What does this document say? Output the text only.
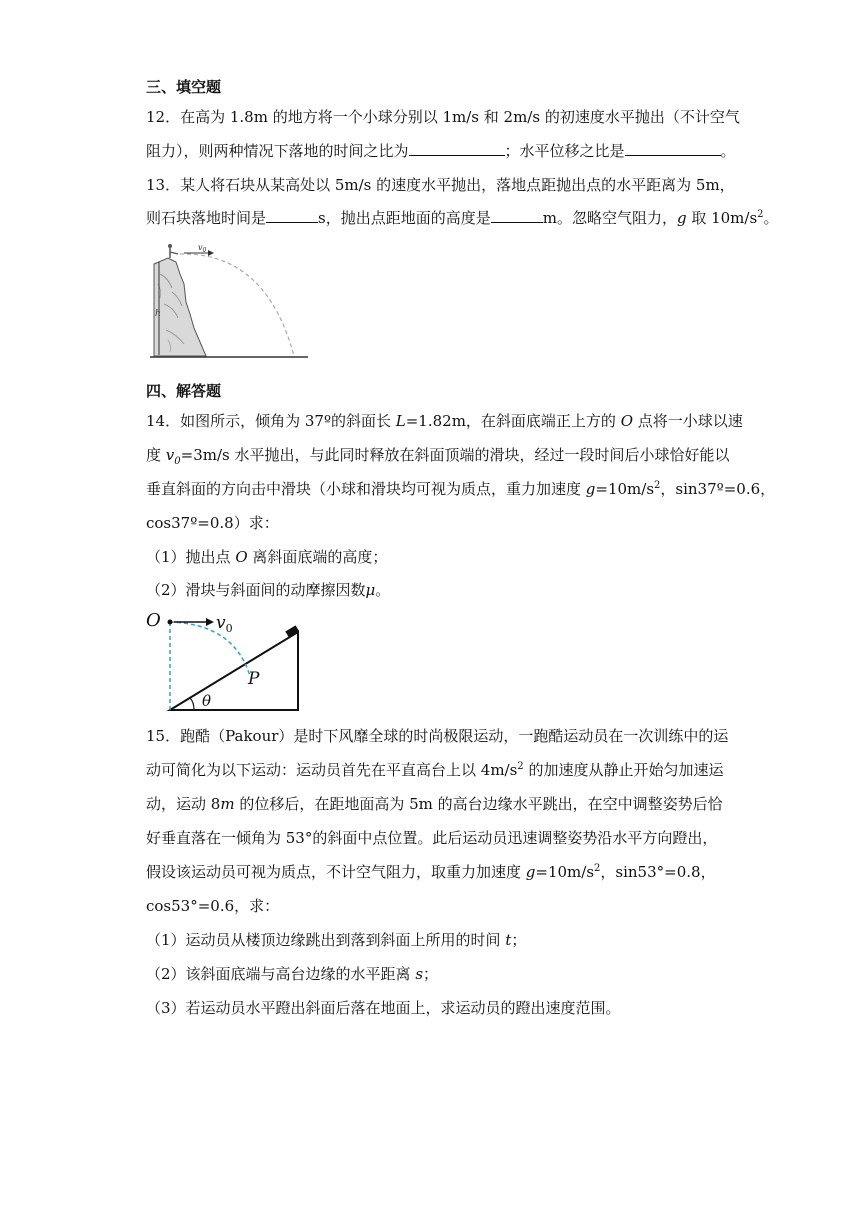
三、填空题
12．在高为 1.8m 的地方将一个小球分别以 1m/s 和 2m/s 的初速度水平抛出（不计空气
阻力），则两种情况下落地的时间之比为	；水平位移之比是	。
13．某人将石块从某高处以 5m/s 的速度水平抛出，落地点距抛出点的水平距离为 5m，
则石块落地时间是	s，抛出点距地面的高度是	m。忽略空气阻力，g 取 $10m/s^2$。
h
$v_0$
四、解答题
14．如图所示，倾角为 37º的斜面长 L=1.82m，在斜面底端正上方的 O 点将一小球以速
度 $v_0=3m/s$ 水平抛出，与此同时释放在斜面顶端的滑块，经过一段时间后小球恰好能以
垂直斜面的方向击中滑块（小球和滑块均可视为质点，重力加速度 $g=10m/s^2$，sin37º=0.6，
cos37º=0.8）求：
（1）抛出点 O 离斜面底端的高度；
（2）滑块与斜面间的动摩擦因数μ。
O	$v_0$
P
θ
15．跑酷（Pakour）是时下风靡全球的时尚极限运动，一跑酷运动员在一次训练中的运
动可简化为以下运动：运动员首先在平直高台上以 $4m/s^2$ 的加速度从静止开始匀加速运
动，运动 8m 的位移后，在距地面高为 5m 的高台边缘水平跳出，在空中调整姿势后恰
好垂直落在一倾角为 53°的斜面中点位置。此后运动员迅速调整姿势沿水平方向蹬出，
假设该运动员可视为质点，不计空气阻力，取重力加速度 $g=10m/s^2$，sin53°=0.8，
cos53°=0.6，求：
（1）运动员从楼顶边缘跳出到落到斜面上所用的时间 t；
（2）该斜面底端与高台边缘的水平距离 s；
（3）若运动员水平蹬出斜面后落在地面上，求运动员的蹬出速度范围。
